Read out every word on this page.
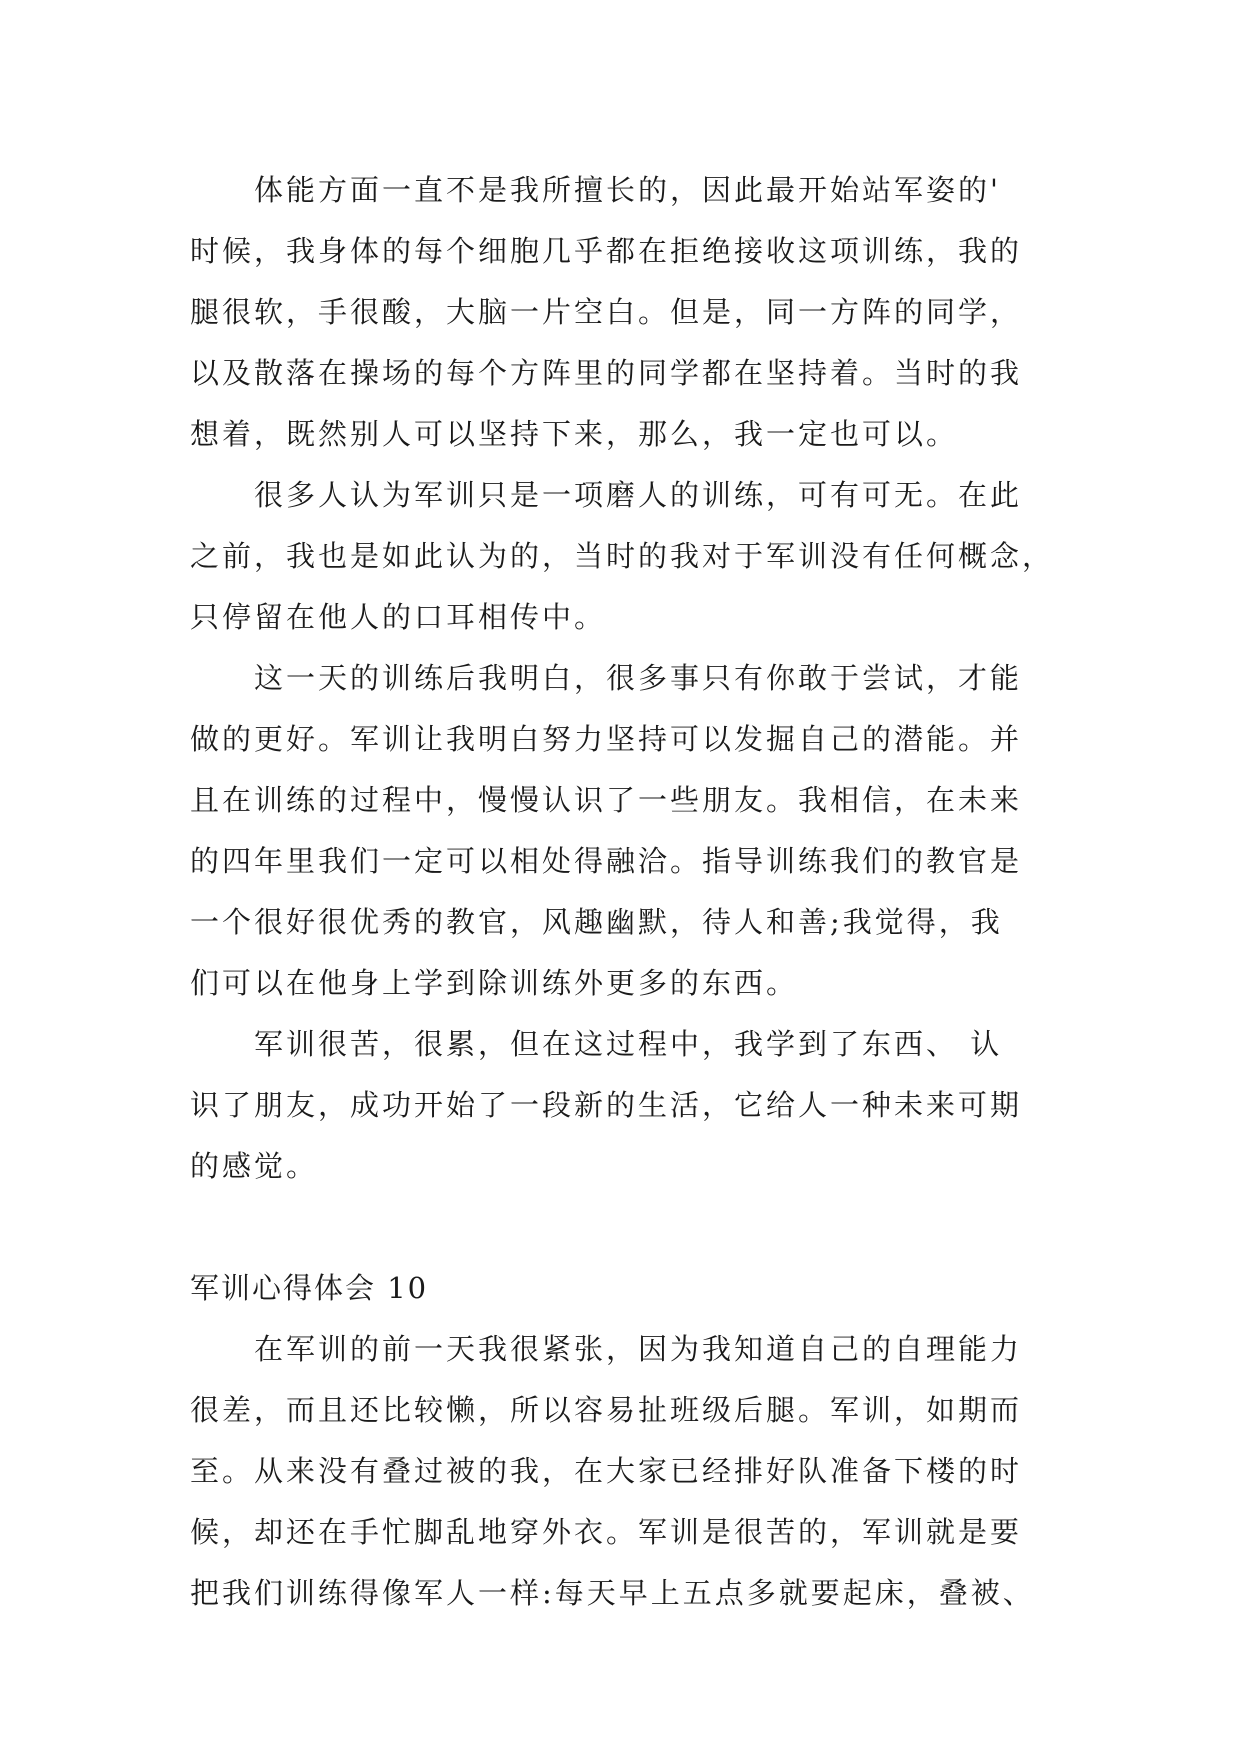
体能方面一直不是我所擅长的，因此最开始站军姿的'
时候，我身体的每个细胞几乎都在拒绝接收这项训练，我的
腿很软，手很酸，大脑一片空白。但是，同一方阵的同学，
以及散落在操场的每个方阵里的同学都在坚持着。当时的我
想着，既然别人可以坚持下来，那么，我一定也可以。
很多人认为军训只是一项磨人的训练，可有可无。在此
之前，我也是如此认为的，当时的我对于军训没有任何概念，
只停留在他人的口耳相传中。
这一天的训练后我明白，很多事只有你敢于尝试，才能
做的更好。军训让我明白努力坚持可以发掘自己的潜能。并
且在训练的过程中，慢慢认识了一些朋友。我相信，在未来
的四年里我们一定可以相处得融洽。指导训练我们的教官是
一个很好很优秀的教官，风趣幽默，待人和善;我觉得，我
们可以在他身上学到除训练外更多的东西。
军训很苦，很累，但在这过程中，我学到了东西、 认
识了朋友，成功开始了一段新的生活，它给人一种未来可期
的感觉。
军训心得体会 10
在军训的前一天我很紧张，因为我知道自己的自理能力
很差，而且还比较懒，所以容易扯班级后腿。军训，如期而
至。从来没有叠过被的我，在大家已经排好队准备下楼的时
候，却还在手忙脚乱地穿外衣。军训是很苦的，军训就是要
把我们训练得像军人一样:每天早上五点多就要起床，叠被、
